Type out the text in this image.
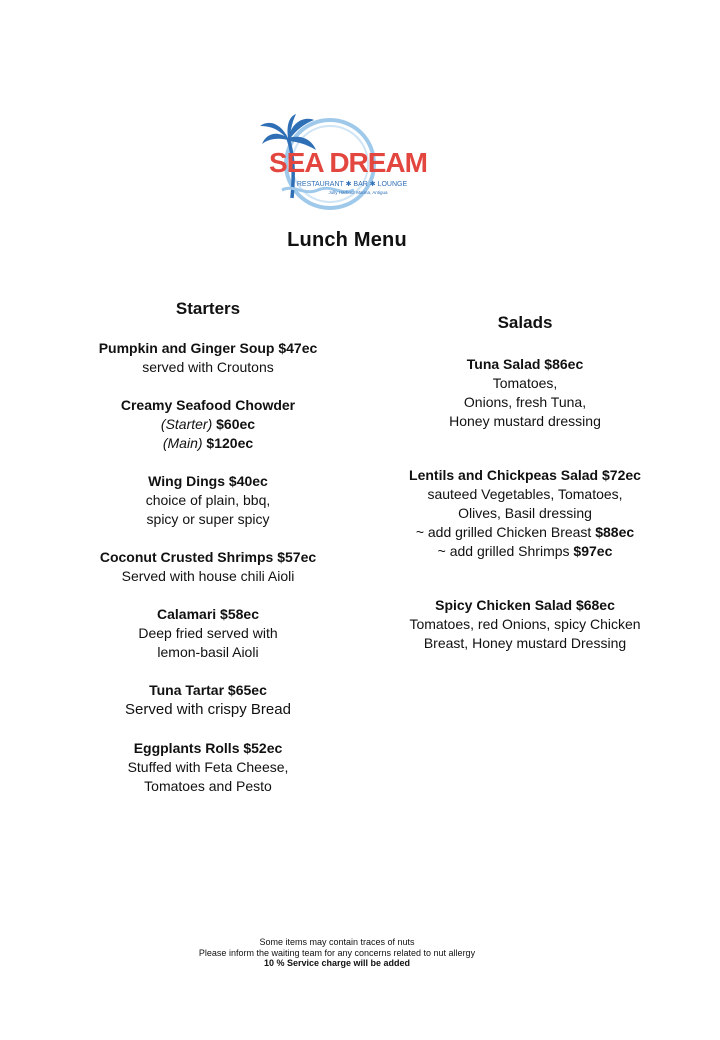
SEA DREAM
RESTAURANT ✱ BAR ✱ LOUNGE
Jolly Harbour Marina, Antigua
Lunch Menu
Starters
Pumpkin and Ginger Soup $47ec
served with Croutons
Creamy Seafood Chowder
(Starter) $60ec
(Main) $120ec
Wing Dings $40ec
choice of plain, bbq,
spicy or super spicy
Coconut Crusted Shrimps $57ec
Served with house chili Aioli
Calamari $58ec
Deep fried served with
lemon-basil Aioli
Tuna Tartar $65ec
Served with crispy Bread
Eggplants Rolls $52ec
Stuffed with Feta Cheese,
Tomatoes and Pesto
Salads
Tuna Salad $86ec
Tomatoes,
Onions, fresh Tuna,
Honey mustard dressing
Lentils and Chickpeas Salad $72ec
sauteed Vegetables, Tomatoes,
Olives, Basil dressing
~ add grilled Chicken Breast $88ec
~ add grilled Shrimps $97ec
Spicy Chicken Salad $68ec
Tomatoes, red Onions, spicy Chicken
Breast, Honey mustard Dressing
Some items may contain traces of nuts
Please inform the waiting team for any concerns related to nut allergy
10 % Service charge will be added
